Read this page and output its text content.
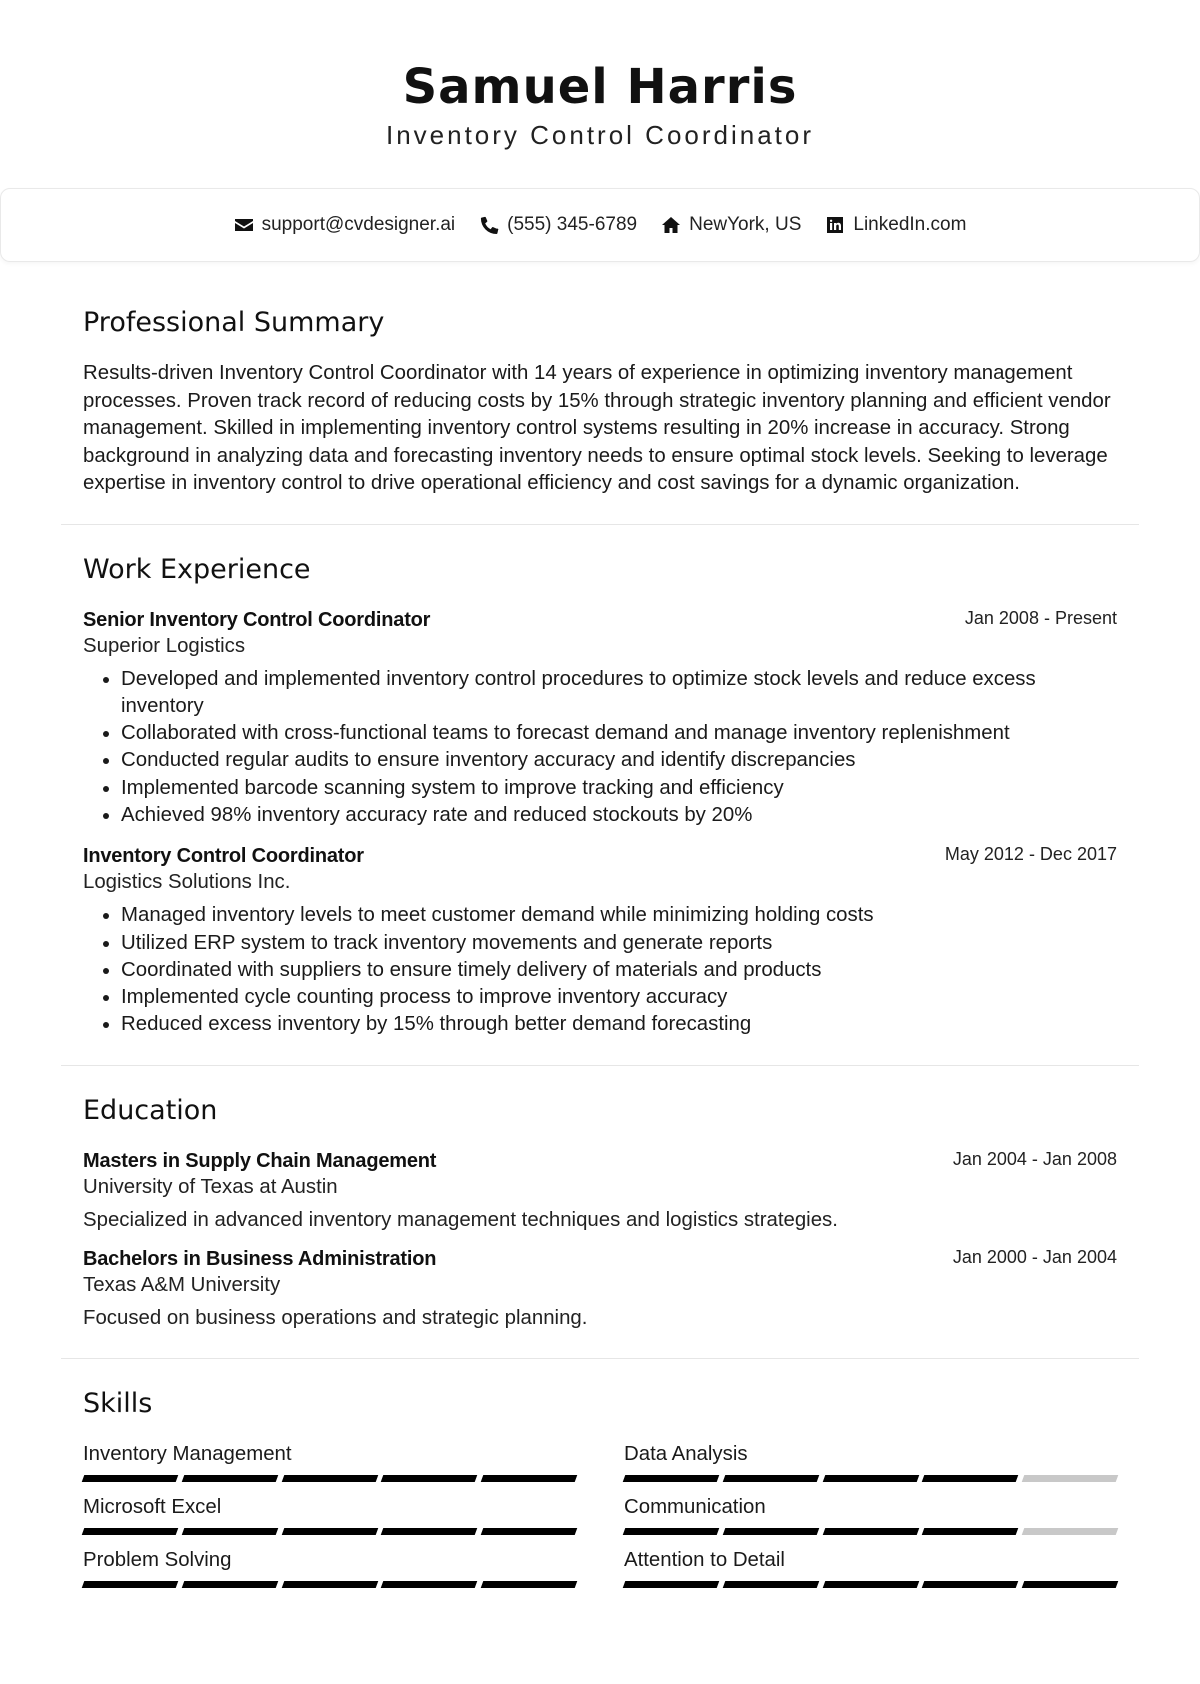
Samuel Harris
Inventory Control Coordinator
support@cvdesigner.ai	(555) 345-6789	NewYork, US	LinkedIn.com
Professional Summary

Results-driven Inventory Control Coordinator with 14 years of experience in optimizing inventory management processes. Proven track record of reducing costs by 15% through strategic inventory planning and efficient vendor management. Skilled in implementing inventory control systems resulting in 20% increase in accuracy. Strong background in analyzing data and forecasting inventory needs to ensure optimal stock levels. Seeking to leverage expertise in inventory control to drive operational efficiency and cost savings for a dynamic organization.

Work Experience
Senior Inventory Control Coordinator	Jan 2008 - Present
Superior Logistics
• Developed and implemented inventory control procedures to optimize stock levels and reduce excess inventory
• Collaborated with cross-functional teams to forecast demand and manage inventory replenishment
• Conducted regular audits to ensure inventory accuracy and identify discrepancies
• Implemented barcode scanning system to improve tracking and efficiency
• Achieved 98% inventory accuracy rate and reduced stockouts by 20%
Inventory Control Coordinator	May 2012 - Dec 2017
Logistics Solutions Inc.
• Managed inventory levels to meet customer demand while minimizing holding costs
• Utilized ERP system to track inventory movements and generate reports
• Coordinated with suppliers to ensure timely delivery of materials and products
• Implemented cycle counting process to improve inventory accuracy
• Reduced excess inventory by 15% through better demand forecasting
Education
Masters in Supply Chain Management	Jan 2004 - Jan 2008
University of Texas at Austin
Specialized in advanced inventory management techniques and logistics strategies.
Bachelors in Business Administration	Jan 2000 - Jan 2004
Texas A&M University
Focused on business operations and strategic planning.
Skills
Inventory Management	Data Analysis
Microsoft Excel	Communication
Problem Solving	Attention to Detail
